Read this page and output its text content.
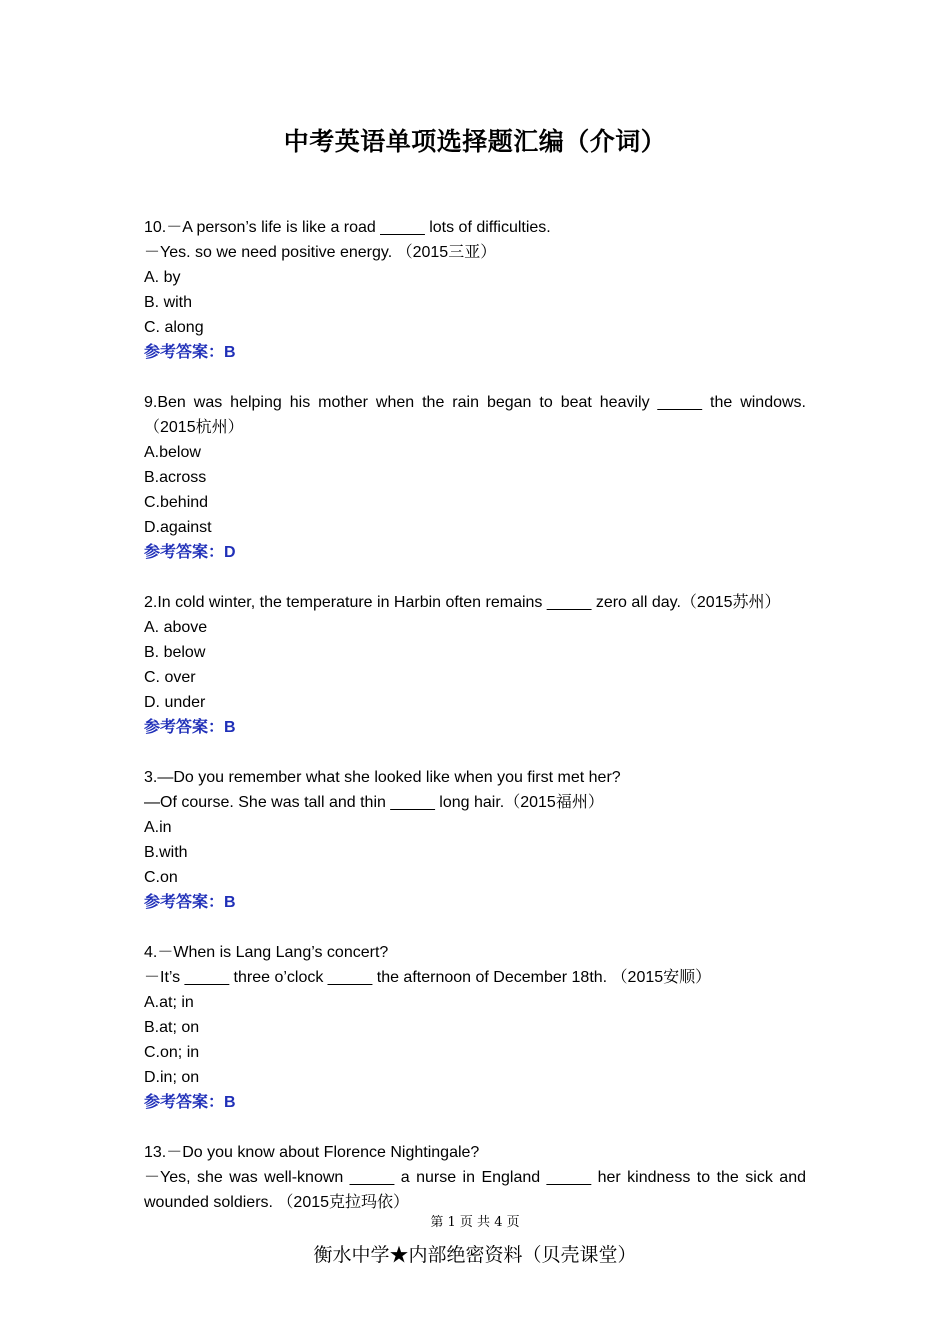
中考英语单项选择题汇编（介词）
10.－A person’s life is like a road _____ lots of difficulties.
－Yes. so we need positive energy. （2015三亚）
A. by
B. with
C. along
参考答案：B
9.Ben was helping his mother when the rain began to beat heavily _____ the windows.（2015杭州）
A.below
B.across
C.behind
D.against
参考答案：D
2.In cold winter, the temperature in Harbin often remains _____ zero all day.（2015苏州）
A. above
B. below
C. over
D. under
参考答案：B
3.—Do you remember what she looked like when you first met her?
—Of course. She was tall and thin _____ long hair.（2015福州）
A.in
B.with
C.on
参考答案：B
4.－When is Lang Lang’s concert?
－It’s _____ three o’clock _____ the afternoon of December 18th. （2015安顺）
A.at; in
B.at; on
C.on; in
D.in; on
参考答案：B
13.－Do you know about Florence Nightingale?
－Yes, she was well-known _____ a nurse in England _____ her kindness to the sick and wounded soldiers. （2015克拉玛依）
第 1 页 共 4 页
衡水中学★内部绝密资料（贝壳课堂）
